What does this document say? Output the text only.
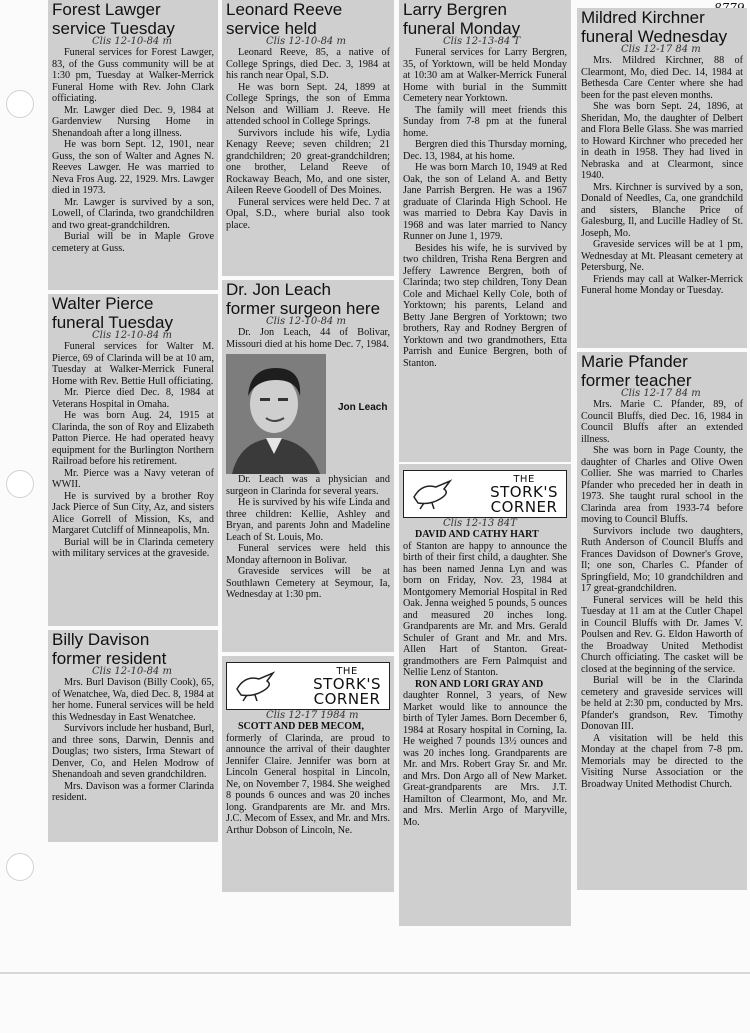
Forest Lawger
service Tuesday
Clis 12-10-84 m

Funeral services for Forest Lawger, 83, of the Guss community will be at 1:30 pm, Tuesday at Walker-Merrick Funeral Home with Rev. John Clark officiating.

Mr. Lawger died Dec. 9, 1984 at Gardenview Nursing Home in Shenandoah after a long illness.

He was born Sept. 12, 1901, near Guss, the son of Walter and Agnes N. Reeves Lawger. He was married to Neva Fros Aug. 22, 1929. Mrs. Lawger died in 1973.

Mr. Lawger is survived by a son, Lowell, of Clarinda, two grandchildren and two great-grandchildren.

Burial will be in Maple Grove cemetery at Guss.

Walter Pierce
funeral Tuesday
Clis 12-10-84 m

Funeral services for Walter M. Pierce, 69 of Clarinda will be at 10 am, Tuesday at Walker-Merrick Funeral Home with Rev. Bettie Hull officiating.

Mr. Pierce died Dec. 8, 1984 at Veterans Hospital in Omaha.

He was born Aug. 24, 1915 at Clarinda, the son of Roy and Elizabeth Patton Pierce. He had operated heavy equipment for the Burlington Northern Railroad before his retirement.

Mr. Pierce was a Navy veteran of WWII.

He is survived by a brother Roy Jack Pierce of Sun City, Az, and sisters Alice Gorrell of Mission, Ks, and Margaret Cutcliff of Minneapolis, Mn.

Burial will be in Clarinda cemetery with military services at the graveside.

Billy Davison
former resident
Clis 12-10-84 m

Mrs. Burl Davison (Billy Cook), 65, of Wenatchee, Wa, died Dec. 8, 1984 at her home. Funeral services will be held this Wednesday in East Wenatchee.

Survivors include her husband, Burl, and three sons, Darwin, Dennis and Douglas; two sisters, Irma Stewart of Denver, Co, and Helen Modrow of Shenandoah and seven grandchildren.

Mrs. Davison was a former Clarinda resident.

Leonard Reeve
service held
Clis 12-10-84 m

Leonard Reeve, 85, a native of College Springs, died Dec. 3, 1984 at his ranch near Opal, S.D.

He was born Sept. 24, 1899 at College Springs, the son of Emma Nelson and William J. Reeve. He attended school in College Springs.

Survivors include his wife, Lydia Kenagy Reeve; seven children; 21 grandchildren; 20 great-grandchildren; one brother, Leland Reeve of Rockaway Beach, Mo, and one sister, Aileen Reeve Goodell of Des Moines.

Funeral services were held Dec. 7 at Opal, S.D., where burial also took place.

Dr. Jon Leach
former surgeon here
Clis 12-10-84 m

Dr. Jon Leach, 44 of Bolivar, Missouri died at his home Dec. 7, 1984.

Jon Leach

Dr. Leach was a physician and surgeon in Clarinda for several years.

He is survived by his wife Linda and three children: Kellie, Ashley and Bryan, and parents John and Madeline Leach of St. Louis, Mo.

Funeral services were held this Monday afternoon in Bolivar.

Graveside services will be at Southlawn Cemetery at Seymour, Ia, Wednesday at 1:30 pm.

THE
STORK'S
CORNER
Clis 12-17 1984 m

SCOTT AND DEB MECOM,

formerly of Clarinda, are proud to announce the arrival of their daughter Jennifer Claire. Jennifer was born at Lincoln General hospital in Lincoln, Ne, on November 7, 1984. She weighed 8 pounds 6 ounces and was 20 inches long. Grandparents are Mr. and Mrs. J.C. Mecom of Essex, and Mr. and Mrs. Arthur Dobson of Lincoln, Ne.

Larry Bergren
funeral Monday
Clis 12-13-84 T

Funeral services for Larry Bergren, 35, of Yorktown, will be held Monday at 10:30 am at Walker-Merrick Funeral Home with burial in the Summitt Cemetery near Yorktown.

The family will meet friends this Sunday from 7-8 pm at the funeral home.

Bergren died this Thursday morning, Dec. 13, 1984, at his home.

He was born March 10, 1949 at Red Oak, the son of Leland A. and Betty Jane Parrish Bergren. He was a 1967 graduate of Clarinda High School. He was married to Debra Kay Davis in 1968 and was later married to Nancy Runner on June 1, 1979.

Besides his wife, he is survived by two children, Trisha Rena Bergren and Jeffery Lawrence Bergren, both of Clarinda; two step children, Tony Dean Cole and Michael Kelly Cole, both of Yorktown; his parents, Leland and Betty Jane Bergren of Yorktown; two brothers, Ray and Rodney Bergren of Yorktown and two grandmothers, Etta Parrish and Eunice Bergren, both of Stanton.

THE
STORK'S
CORNER
Clis 12-13 84T

DAVID AND CATHY HART

of Stanton are happy to announce the birth of their first child, a daughter. She has been named Jenna Lyn and was born on Friday, Nov. 23, 1984 at Montgomery Memorial Hospital in Red Oak. Jenna weighed 5 pounds, 5 ounces and measured 20 inches long. Grandparents are Mr. and Mrs. Gerald Schuler of Grant and Mr. and Mrs. Allen Hart of Stanton. Great-grandmothers are Fern Palmquist and Nellie Lenz of Stanton.

RON AND LORI GRAY AND

daughter Ronnel, 3 years, of New Market would like to announce the birth of Tyler James. Born December 6, 1984 at Rosary hospital in Corning, Ia. He weighed 7 pounds 13½ ounces and was 20 inches long. Grandparents are Mr. and Mrs. Robert Gray Sr. and Mr. and Mrs. Don Argo all of New Market. Great-grandparents are Mrs. J.T. Hamilton of Clearmont, Mo, and Mr. and Mrs. Merlin Argo of Maryville, Mo.

Mildred Kirchner
funeral Wednesday
Clis 12-17 84 m

Mrs. Mildred Kirchner, 88 of Clearmont, Mo, died Dec. 14, 1984 at Bethesda Care Center where she had been for the past eleven months.

She was born Sept. 24, 1896, at Sheridan, Mo, the daughter of Delbert and Flora Belle Glass. She was married to Howard Kirchner who preceded her in death in 1958. They had lived in Nebraska and at Clearmont, since 1940.

Mrs. Kirchner is survived by a son, Donald of Needles, Ca, one grandchild and sisters, Blanche Price of Galesburg, Il, and Lucille Hadley of St. Joseph, Mo.

Graveside services will be at 1 pm, Wednesday at Mt. Pleasant cemetery at Petersburg, Ne.

Friends may call at Walker-Merrick Funeral home Monday or Tuesday.

Marie Pfander
former teacher
Clis 12-17 84 m

Mrs. Marie C. Pfander, 89, of Council Bluffs, died Dec. 16, 1984 in Council Bluffs after an extended illness.

She was born in Page County, the daughter of Charles and Olive Owen Collier. She was married to Charles Pfander who preceded her in death in 1973. She taught rural school in the Clarinda area from 1933-74 before moving to Council Bluffs.

Survivors include two daughters, Ruth Anderson of Council Bluffs and Frances Davidson of Downer's Grove, Il; one son, Charles C. Pfander of Springfield, Mo; 10 grandchildren and 17 great-grandchildren.

Funeral services will be held this Tuesday at 11 am at the Cutler Chapel in Council Bluffs with Dr. James V. Poulsen and Rev. G. Eldon Haworth of the Broadway United Methodist Church officiating. The casket will be closed at the beginning of the service.

Burial will be in the Clarinda cemetery and graveside services will be held at 2:30 pm, conducted by Mrs. Pfander's grandson, Rev. Timothy Donovan III.

A visitation will be held this Monday at the chapel from 7-8 pm. Memorials may be directed to the Visiting Nurse Association or the Broadway United Methodist Church.
